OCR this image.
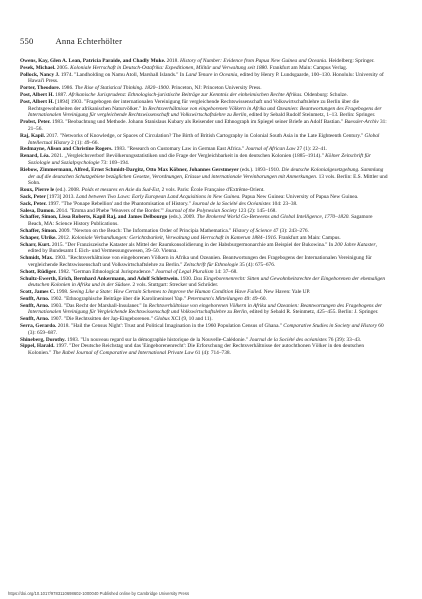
550	Anna Echterhölter

Owens, Kay, Glen A. Lean, Patricia Paraide, and Chadly Muke. 2018. History of Number: Evidence from Papua New Guinea and Oceania. Heidelberg: Springer.

Pesek, Michael. 2005. Koloniale Herrschaft in Deutsch-Ostafrika: Expeditionen, Militär und Verwaltung seit 1880. Frankfurt am Main: Campus Verlag.

Pollock, Nancy J. 1974. "Landholding on Namu Atoll, Marshall Islands." In Land Tenure in Oceania, edited by Henry P. Lundsgaarde, 100–130. Honolulu: University of Hawai'i Press.

Porter, Theodore. 1986. The Rise of Statistical Thinking. 1820–1900. Princeton, NJ: Princeton University Press.

Post, Albert H. 1887. Afrikanische Jurisprudenz: Ethnologisch-juristische Beiträge zur Kenntnis der einheimischen Rechte Afrikas. Oldenburg: Schulze.

Post, Albert H. [1894] 1903. "Fragebogen der internationalen Vereinigung für vergleichende Rechtswissenschaft und Volkswirtschaftslehre zu Berlin über die Rechtsgewohnheiten der afrikanischen Naturvölker." In Rechtsverhältnisse von eingeborenen Völkern in Afrika und Ozeanien: Beantwortungen des Fragebogens der Internationalen Vereinigung für vergleichende Rechtswissenschaft und Volkswirtschaftslehre zu Berlin, edited by Sebald Rudolf Steinmetz, 1–13. Berlin: Springer.

Probst, Peter. 1983. "Beobachtung und Methode. Johann Stanislaus Kubary als Reisender und Ethnograph im Spiegel seiner Briefe an Adolf Bastian." Baessler-Archiv 31: 21–56.

Raj, Kapil. 2017. "Networks of Knowledge, or Spaces of Circulation? The Birth of British Cartography in Colonial South Asia in the Late Eighteenth Century." Global Intellectual History 2 (1): 49–66.

Redmayne, Alison and Christine Rogers. 1983. "Research on Customary Law in German East Africa." Journal of African Law 27 (1): 22–41.

Renard, Léa. 2021. „Vergleichsverbot! Bevölkerungsstatistiken und die Frage der Vergleichbarkeit in den deutschen Kolonien (1885–1914)." Kölner Zeitschrift für Soziologie und Sozialpsychologie 73: 169–194.

Riebow, Zimmermann, Alfred, Ernst Schmidt-Dargitz, Otto Max Köbner, Johannes Gerstmeyer (eds.). 1893–1910. Die deutsche Kolonialgesetzgebung. Sammlung der auf die deutschen Schutzgebiete bezüglichen Gesetze, Verordnungen, Erlasse und internationale Vereinbarungen mit Anmerkungen. 13 vols. Berlin: E.S. Mittler und Sohn.

Roux, Pierre le (ed.). 2008. Poids et mesures en Asie du Sud-Est, 2 vols. Paris: École Française d'Extrême-Orient.

Sack, Peter [1973] 2013. Land between Two Laws: Early European Land Acquisitions in New Guinea. Papua New Guinea: University of Papua New Guinea.

Sack, Peter. 1997. "The 'Ponape Rebellion' and the Phantomisation of History." Journal de la Société des Océanistes 104: 23–38.

Salesa, Damon. 2014. "Emma and Phebe 'Weavers of the Border.'" Journal of the Polynesian Society 123 (2): 145–168.

Schaffer, Simon, Lissa Roberts, Kapil Raj, and James Delbourgo (eds.). 2009. The Brokered World Go-Betweens and Global Intelligence, 1770–1820. Sagamore Beach, MA: Science History Publications.

Schaffer, Simon. 2009. "Newton on the Beach: The Information Order of Principia Mathematica." History of Science 47 (3): 243–276.

Schaper, Ulrike. 2012. Koloniale Verhandlungen: Gerichtsbarkeit, Verwaltung und Herrschaft in Kamerun 1884–1916. Frankfurt am Main: Campus.

Scharr, Kurt. 2015. "Der Franziszeische Kataster als Mittel der Raumkonsolidierung in der Habsburgermonarchie am Beispiel der Bukowina." In 200 Jahre Kataster, edited by Bundesamt f. Eich- und Vermessungswesen, 39–50. Vienna.

Schmidt, Max. 1903. "Rechtsverhältnisse von eingeborenen Völkern in Afrika und Ozeanien. Beantwortungen des Fragebogens der Internationalen Vereinigung für vergleichende Rechtswissenschaft und Volkswirtschaftslehre zu Berlin." Zeitschrift für Ethnologie 35 (4): 675–676.

Schott, Rüdiger. 1982. "German Ethnological Jurisprudence." Journal of Legal Pluralism 14: 37–68.

Schultz-Ewerth, Erich, Bernhard Ankermann, and Adolf Schlettwein. 1930. Das Eingeborenenrecht: Sitten und Gewohnheitsrechte der Eingeborenen der ehemaligen deutschen Kolonien in Afrika und in der Südsee. 2 vols. Stuttgart: Strecker und Schröder.

Scott, James C. 1998. Seeing Like a State: How Certain Schemes to Improve the Human Condition Have Failed. New Haven: Yale UP.

Senfft, Arno. 1902. "Ethnographische Beiträge über die Karolineninsel Yap." Petermann's Mitteilungen 49: 49–60.

Senfft, Arno. 1903. "Das Recht der Marshall-Insulaner." In Rechtsverhältnisse von eingeborenen Völkern in Afrika und Ozeanien: Beantwortungen des Fragebogens der Internationalen Vereinigung für Vergleichende Rechtswissenschaft und Volkswirtschaftslehre zu Berlin, edited by Sebald R. Steinmetz, 425–455. Berlin: J. Springer.

Senfft, Arno. 1907. "Die Rechtssitten der Jap-Eingeborenen." Globus XCI (9, 10 and 11).

Serra, Gerardo. 2018. "Hail the Census Night': Trust and Political Imagination in the 1960 Population Census of Ghana." Comparative Studies in Society and History 60 (3): 659–687.

Shineberg, Dorothy. 1983. "Un nouveau regard sur la démographie historique de la Nouvelle-Calédonie." Journal de la Société des océanistes 76 (39): 33–43.

Sippel, Harald. 1997. "Der Deutsche Reichstag und das 'Eingeborenenrecht': Die Erforschung der Rechtsverhältnisse der autochthonen Völker in den deutschen Kolonien." The Rabel Journal of Comparative and International Private Law 61 (4): 714–738.

https://doi.org/10.1017/9783110698602-1000040 Published online by Cambridge University Press
